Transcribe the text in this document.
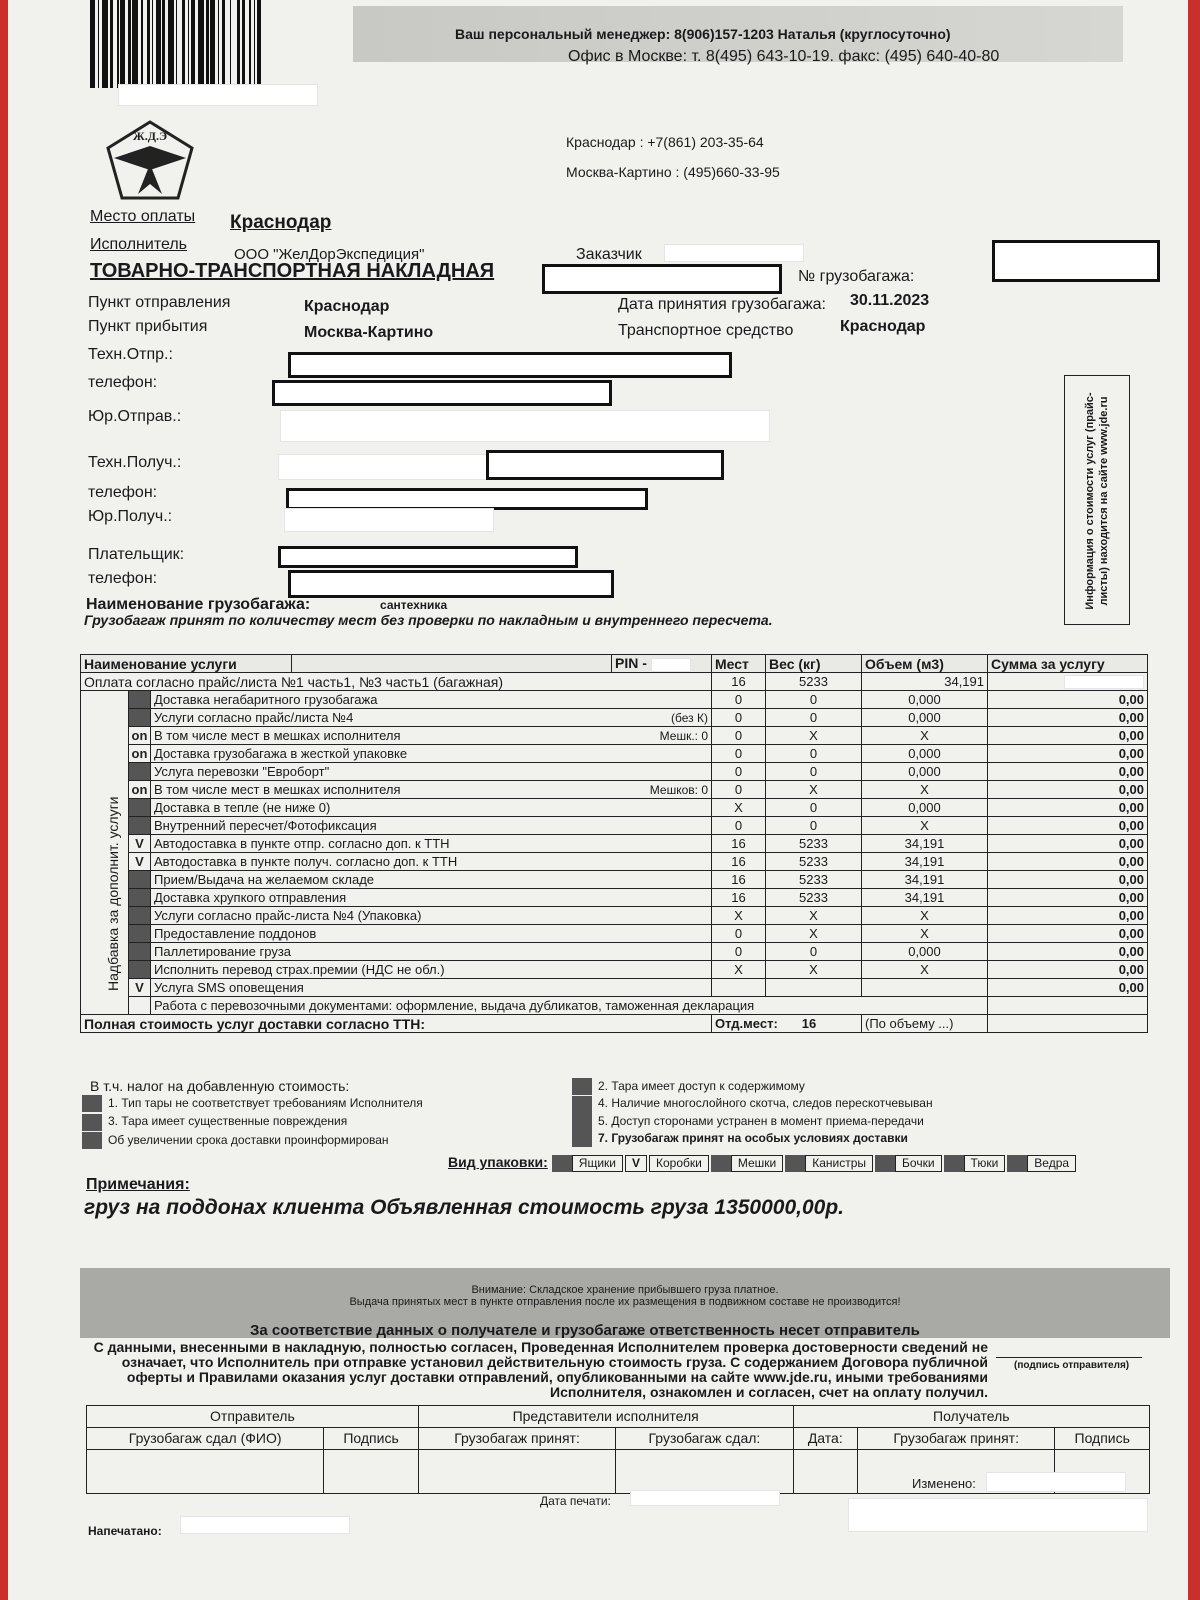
Ваш персональный менеджер: 8(906)157-1203 Наталья (круглосуточно)
Офис в Москве: т. 8(495) 643-10-19. факс: (495) 640-40-80
Ж.Д.Э	Краснодар : +7(861) 203-35-64
Москва-Картино : (495)660-33-95
Место оплаты Краснодар
Исполнитель
ООО "ЖелДорЭкспедиция"	Заказчик
ТОВАРНО-ТРАНСПОРТНАЯ НАКЛАДНАЯ	№ грузобагажа:
Пункт отправления	Краснодар	Дата принятия грузобагажа: 30.11.2023
Пункт прибытия	Москва-Картино	Транспортное средство	Краснодар
Техн.Отпр.:
телефон:
Юр.Отправ.:
Техн.Получ.:
телефон:
Юр.Получ.:
Плательщик:
телефон:
Наименование грузобагажа:	сантехника
Грузобагаж принят по количеству мест без проверки по накладным и внутреннего пересчета.
Информация о стоимости услуг (прайс-листы) находится на сайте www.jde.ru
Наименование услуги				PIN -	Мест	Вес (кг)	Объем (м3)	Сумма за услугу
Оплата согласно прайс/листа №1 часть1, №3 часть1 (багажная)					16	5233	34,191	

Надбавка за дополнит. услуги		Доставка негабаритного грузобагажа			0	0	0,000	0,00
		Услуги согласно прайс/листа №4 (без К)			0	0	0,000	0,00
	on	В том числе мест в мешках исполнителя Мешк.: 0			0	X	X	0,00
	on	Доставка грузобагажа в жесткой упаковке			0	0	0,000	0,00
		Услуга перевозки "Евроборт"			0	0	0,000	0,00
	on	В том числе мест в мешках исполнителя Мешков: 0			0	X	X	0,00
		Доставка в тепле (не ниже 0)			X	0	0,000	0,00
		Внутренний пересчет/Фотофиксация			0	0	X	0,00
	V	Автодоставка в пункте отпр. согласно доп. к ТТН			16	5233	34,191	0,00
	V	Автодоставка в пункте получ. согласно доп. к ТТН			16	5233	34,191	0,00
		Прием/Выдача на желаемом складе			16	5233	34,191	0,00
		Доставка хрупкого отправления			16	5233	34,191	0,00
		Услуги согласно прайс-листа №4 (Упаковка)			X	X	X	0,00
		Предоставление поддонов			0	X	X	0,00
		Паллетирование груза			0	0	0,000	0,00
		Исполнить перевод страх.премии (НДС не обл.)			X	X	X	0,00
	V	Услуга SMS оповещения						0,00
		Работа с перевозочными документами: оформление, выдача дубликатов, таможенная декларация						
Полная стоимость услуг доставки согласно ТТН:					Отд.мест: 16		(По объему ...)	
В т.ч. налог на добавленную стоимость:
1. Тип тары не соответствует требованиям Исполнителя
3. Тара имеет существенные повреждения
Об увеличении срока доставки проинформирован
2. Тара имеет доступ к содержимому
4. Наличие многослойного скотча, следов перескотчевыван
5. Доступ сторонами устранен в момент приема-передачи
7. Грузобагаж принят на особых условиях доставки
Вид упаковки:	Ящики V Коробки	Мешки	Канистры	Бочки	Тюки	Ведра
Примечания:
груз на поддонах клиента Объявленная стоимость груза 1350000,00р.
Внимание: Складское хранение прибывшего груза платное.
Выдача принятых мест в пункте отправления после их размещения в подвижном составе не производится!
За соответствие данных о получателе и грузобагаже ответственность несет отправитель
С данными, внесенными в накладную, полностью согласен, Проведенная Исполнителем проверка достоверности сведений не означает, что Исполнитель при отправке установил действительную стоимость груза. С содержанием Договора публичной оферты и Правилами оказания услуг доставки отправлений, опубликованными на сайте www.jde.ru, иными требованиями Исполнителя, ознакомлен и согласен, счет на оплату получил.
(подпись отправителя)
Отправитель		Представители исполнителя		Получатель		
Грузобагаж сдал (ФИО)	Подпись	Грузобагаж принят:	Грузобагаж сдал:	Дата:	Грузобагаж принят:	Подпись

Изменено:
Дата печати:
Напечатано:
